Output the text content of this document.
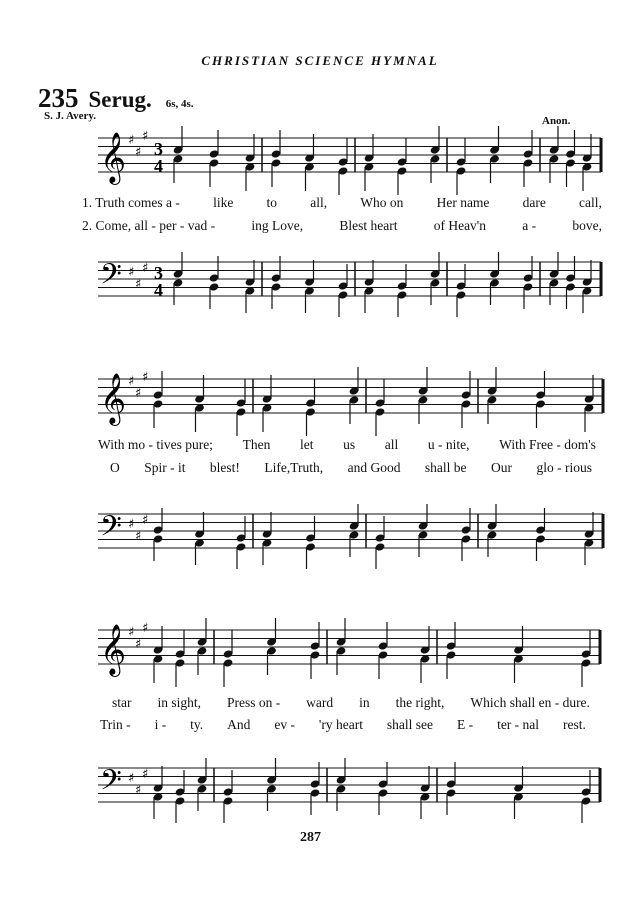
CHRISTIAN SCIENCE HYMNAL
235 Serug. 6s, 4s.
S. J. Avery.	Anon.
𝄞 ♯
♯
♯
3
4
𝄢 ♯
♯
♯ 3
4
𝄞 ♯
♯
♯
𝄢 ♯
♯
♯
𝄞 ♯
♯
♯
𝄢 ♯
♯
♯
1. Truth comes a - like to all, Who on Her name dare call,
2. Come, all - per - vad -	ing Love,	Blest heart	of Heav'n	a -	bove,
With mo - tives pure; Then let us all u - nite, With Free - dom's
O Spir - it blest! Life,Truth, and Good shall be Our glo - rious
star in sight, Press on - ward in the right, Which shall en - dure.
Trin - i - ty. And ev - 'ry heart shall see E - ter - nal rest.
287
